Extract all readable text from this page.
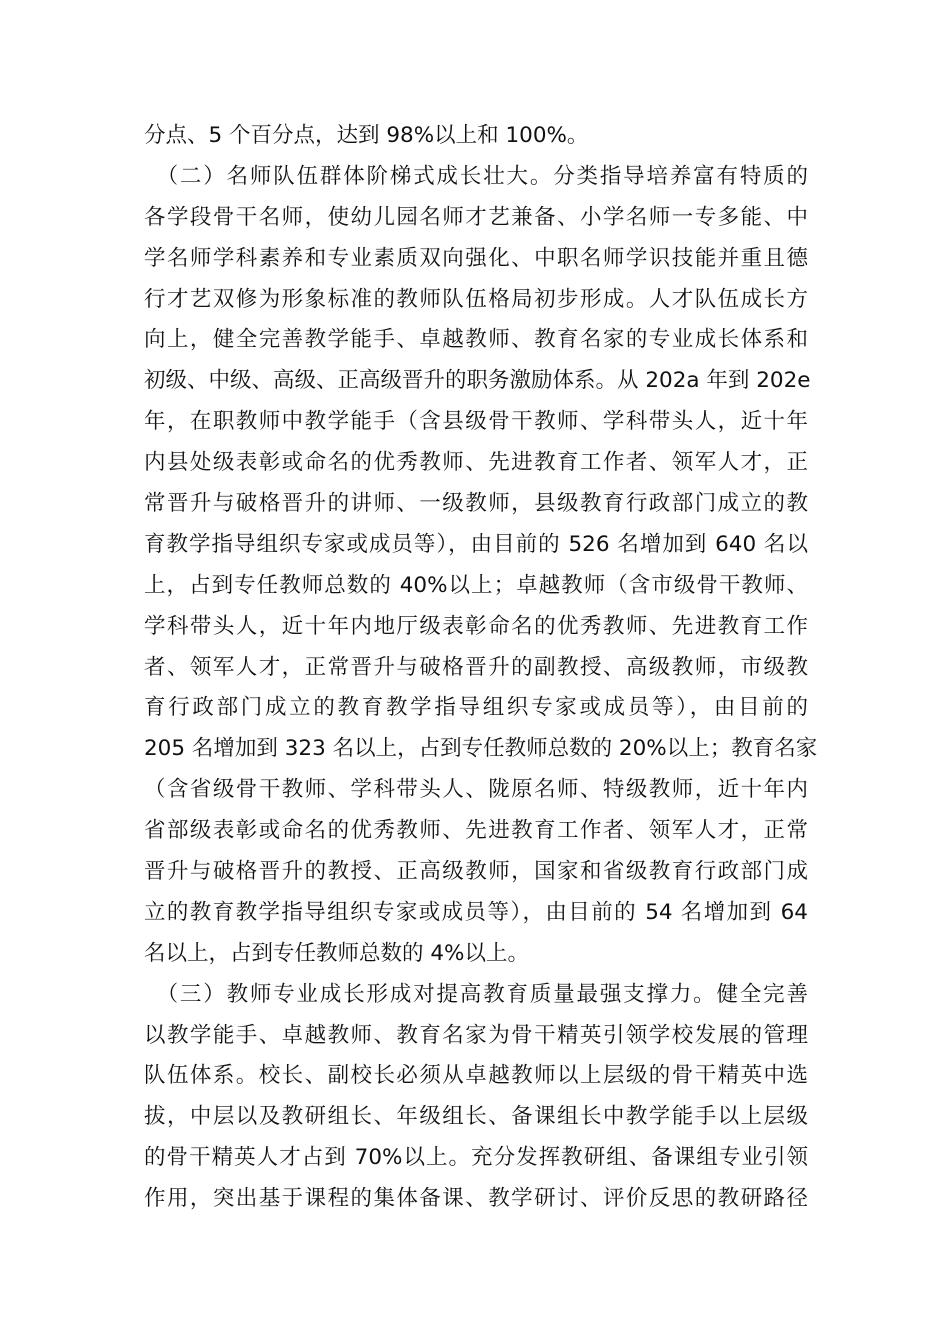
分点、5 个百分点，达到 98%以上和 100%。
　（二）名师队伍群体阶梯式成长壮大。分类指导培养富有特质的
各学段骨干名师，使幼儿园名师才艺兼备、小学名师一专多能、中
学名师学科素养和专业素质双向强化、中职名师学识技能并重且德
行才艺双修为形象标准的教师队伍格局初步形成。人才队伍成长方
向上，健全完善教学能手、卓越教师、教育名家的专业成长体系和
初级、中级、高级、正高级晋升的职务激励体系。从 202a 年到 202e
年，在职教师中教学能手（含县级骨干教师、学科带头人，近十年
内县处级表彰或命名的优秀教师、先进教育工作者、领军人才，正
常晋升与破格晋升的讲师、一级教师，县级教育行政部门成立的教
育教学指导组织专家或成员等），由目前的 526 名增加到 640 名以
上，占到专任教师总数的 40%以上；卓越教师（含市级骨干教师、
学科带头人，近十年内地厅级表彰命名的优秀教师、先进教育工作
者、领军人才，正常晋升与破格晋升的副教授、高级教师，市级教
育行政部门成立的教育教学指导组织专家或成员等），由目前的
205 名增加到 323 名以上，占到专任教师总数的 20%以上；教育名家
（含省级骨干教师、学科带头人、陇原名师、特级教师，近十年内
省部级表彰或命名的优秀教师、先进教育工作者、领军人才，正常
晋升与破格晋升的教授、正高级教师，国家和省级教育行政部门成
立的教育教学指导组织专家或成员等），由目前的 54 名增加到 64
名以上，占到专任教师总数的 4%以上。
　（三）教师专业成长形成对提高教育质量最强支撑力。健全完善
以教学能手、卓越教师、教育名家为骨干精英引领学校发展的管理
队伍体系。校长、副校长必须从卓越教师以上层级的骨干精英中选
拔，中层以及教研组长、年级组长、备课组长中教学能手以上层级
的骨干精英人才占到 70%以上。充分发挥教研组、备课组专业引领
作用，突出基于课程的集体备课、教学研讨、评价反思的教研路径
